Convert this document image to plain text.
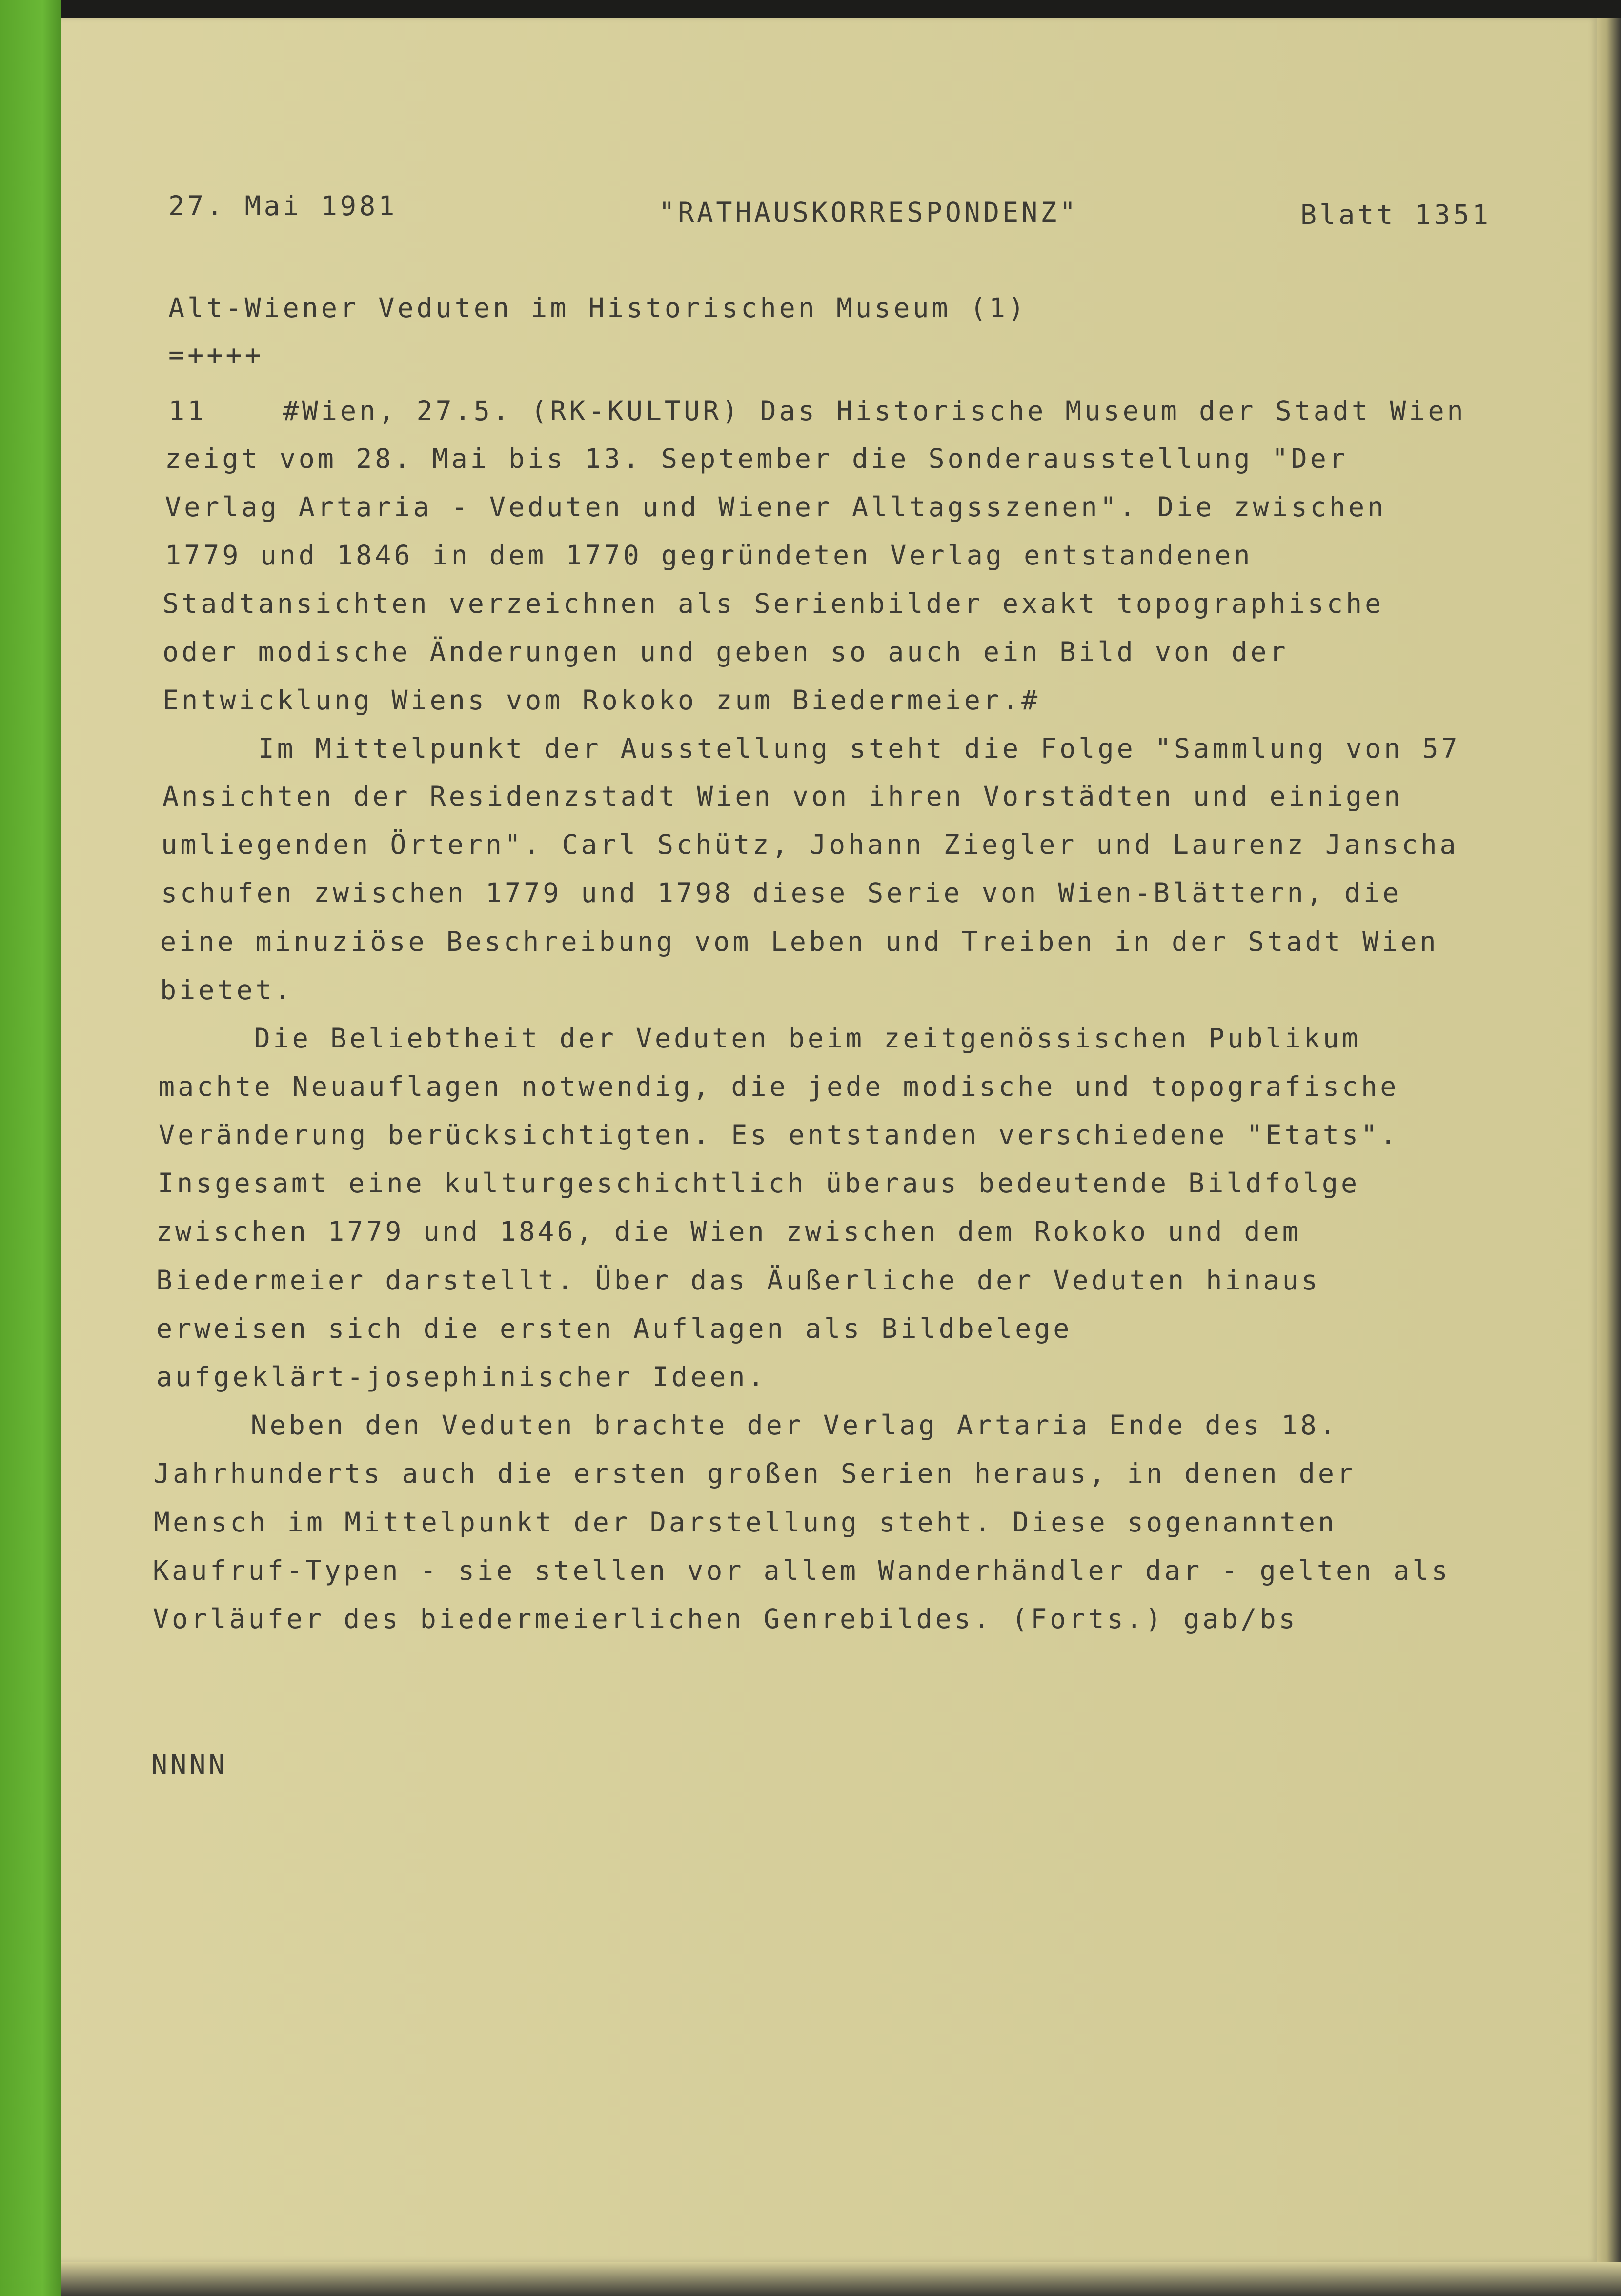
27. Mai 1981	"RATHAUSKORRESPONDENZ"	Blatt 1351
Alt-Wiener Veduten im Historischen Museum (1)
=++++
11    #Wien, 27.5. (RK-KULTUR) Das Historische Museum der Stadt Wien
zeigt vom 28. Mai bis 13. September die Sonderausstellung "Der
Verlag Artaria - Veduten und Wiener Alltagsszenen". Die zwischen
1779 und 1846 in dem 1770 gegründeten Verlag entstandenen
Stadtansichten verzeichnen als Serienbilder exakt topographische
oder modische Änderungen und geben so auch ein Bild von der
Entwicklung Wiens vom Rokoko zum Biedermeier.#
Im Mittelpunkt der Ausstellung steht die Folge "Sammlung von 57
Ansichten der Residenzstadt Wien von ihren Vorstädten und einigen
umliegenden Örtern". Carl Schütz, Johann Ziegler und Laurenz Janscha
schufen zwischen 1779 und 1798 diese Serie von Wien-Blättern, die
eine minuziöse Beschreibung vom Leben und Treiben in der Stadt Wien
bietet.
Die Beliebtheit der Veduten beim zeitgenössischen Publikum
machte Neuauflagen notwendig, die jede modische und topografische
Veränderung berücksichtigten. Es entstanden verschiedene "Etats".
Insgesamt eine kulturgeschichtlich überaus bedeutende Bildfolge
zwischen 1779 und 1846, die Wien zwischen dem Rokoko und dem
Biedermeier darstellt. Über das Äußerliche der Veduten hinaus
erweisen sich die ersten Auflagen als Bildbelege
aufgeklärt-josephinischer Ideen.
Neben den Veduten brachte der Verlag Artaria Ende des 18.
Jahrhunderts auch die ersten großen Serien heraus, in denen der
Mensch im Mittelpunkt der Darstellung steht. Diese sogenannten
Kaufruf-Typen - sie stellen vor allem Wanderhändler dar - gelten als
Vorläufer des biedermeierlichen Genrebildes. (Forts.) gab/bs
NNNN
